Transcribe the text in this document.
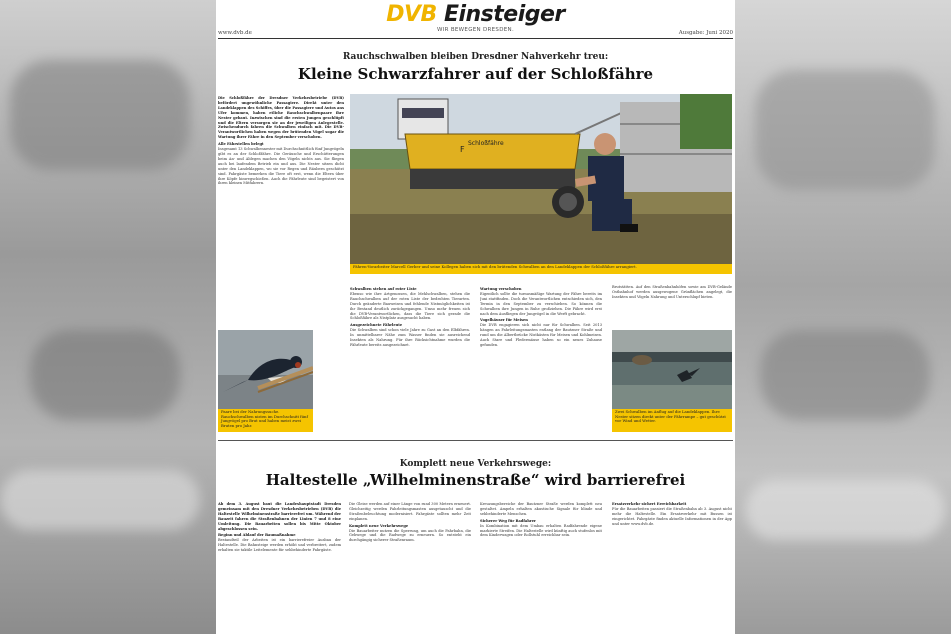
DVB Einsteiger
WIR BEWEGEN DRESDEN.
www.dvb.de	Ausgabe: Juni 2020
Rauchschwalben bleiben Dresdner Nahverkehr treu:
Kleine Schwarzfahrer auf der Schloßfähre
Die Schloßfähre der Dresdner Verkehrsbetriebe (DVB) befördert ungewöhnliche Passagiere. Direkt unter den Landeklappen des Schiffes, über die Passagiere und Autos ans Ufer kommen, haben etliche Rauchschwalbenpaare ihre Nester gebaut. Inzwischen sind die ersten Jungen geschlüpft und die Eltern versorgen sie an der jeweiligen Anlegestelle. Zwischendurch fahren die Schwalben einfach mit. Die DVB-Verantwortlichen haben wegen der brütenden Vögel sogar die Wartung ihrer Fähre in den September verschoben.
Alle Fährstellen belegt
Insgesamt 13 Schwalbennester mit Durchschnittlich fünf Jungvögeln gibt es an der Schloßfähre. Die Geräusche und Erschütterungen beim An- und Ablegen machen den Vögeln nichts aus. Sie fliegen auch bei laufendem Betrieb ein und aus. Die Nester sitzen dicht unter den Landeklappen, wo sie vor Regen und Räubern geschützt sind. Fahrgäste bemerken die Tiere oft erst, wenn die Eltern über ihre Köpfe hinwegschießen. Auch die Fährleute sind begeistert von ihren kleinen Mitfahrern.
F
Schloßfähre
Fähren-Vorarbeiter Marcell Gerber und seine Kollegen haben sich mit den brütenden Schwalben an den Landeklappen der Schloßfähre arrangiert.
Schwalben stehen auf roter Liste
Ebenso wie ihre Artgenossen, die Mehlschwalben, stehen die Rauchschwalben auf der roten Liste der bedrohten Tierarten. Durch geänderte Bauweisen und fehlende Nistmöglichkeiten ist ihr Bestand deutlich zurückgegangen. Umso mehr freuen sich die DVB-Verantwortlichen, dass die Tiere sich gerade die Schloßfähre als Nistplatz ausgesucht haben.
Ausgezeichnete Fährleute
Die Schwalben sind schon viele Jahre zu Gast an den Elbfähren. In unmittelbarer Nähe zum Wasser finden sie ausreichend Insekten als Nahrung. Für ihre Rücksichtnahme wurden die Fährleute bereits ausgezeichnet.
Wartung verschoben
Eigentlich sollte die turnusmäßige Wartung der Fähre bereits im Juni stattfinden. Doch die Verantwortlichen entschieden sich, den Termin in den September zu verschieben. So können die Schwalben ihre Jungen in Ruhe großziehen. Die Fähre wird erst nach dem Ausfliegen der Jungvögel in die Werft gebracht.
Vogelhäuser für Meisen
Die DVB engagieren sich nicht nur für Schwalben. Seit 2013 hängen an Fahrleitungsmasten entlang der Bautzner Straße und rund um die Albertbrücke Nistkästen für Meisen und Kohlmeisen. Auch Stare und Fledermäuse haben so ein neues Zuhause gefunden.
Brutstätten. Auf den Straßenbahnhöfen sowie am DVB-Gelände Ostbahnhof werden ausgewogene Grünflächen angelegt, die Insekten und Vögeln Nahrung und Unterschlupf bieten.
Paare bei der Nahrungssuche. Rauchschwalben nisten im Durchschnitt fünf Jungvögel pro Brut und haben meist zwei Bruten pro Jahr.
Zwei Schwalben im Anflug auf die Landeklappen. Ihre Nester sitzen direkt unter der Fährrampe – gut geschützt vor Wind und Wetter.
Komplett neue Verkehrswege:
Haltestelle „Wilhelminenstraße“ wird barrierefrei
Ab dem 3. August baut die Landeshauptstadt Dresden gemeinsam mit den Dresdner Verkehrsbetrieben (DVB) die Haltestelle Wilhelminenstraße barrierefrei um. Während der Bauzeit fahren die Straßenbahnen der Linien 7 und 8 eine Umleitung. Die Bauarbeiten sollen bis Mitte Oktober abgeschlossen sein.
Beginn und Ablauf der Baumaßnahme
Bestandteil der Arbeiten ist ein barrierefreier Ausbau der Haltestelle. Die Bahnsteige werden erhöht und verbreitert, zudem erhalten sie taktile Leitelemente für sehbehinderte Fahrgäste.
Die Gleise werden auf einer Länge von rund 300 Metern erneuert. Gleichzeitig werden Fahrleitungsmasten ausgetauscht und die Straßenbeleuchtung modernisiert. Fahrgäste sollten mehr Zeit einplanen.
Komplett neue Verkehrswege
Die Bauarbeiter nutzen die Sperrung, um auch die Fahrbahn, die Gehwege und die Radwege zu erneuern. So entsteht ein durchgängig sicherer Straßenraum.
Kreuzungsbereiche der Bautzner Straße werden komplett neu gestaltet. Ampeln erhalten akustische Signale für blinde und sehbehinderte Menschen.
Sicherer Weg für Radfahrer
In Kombination mit dem Umbau erhalten Radfahrende eigene markierte Streifen. Die Haltestelle wird künftig auch stufenlos mit dem Kinderwagen oder Rollstuhl erreichbar sein.
Ersatzverkehr sichert Erreichbarkeit
Für die Bauarbeiten passiert die Straßenbahn ab 3. August nicht mehr die Haltestelle. Ein Ersatzverkehr mit Bussen ist eingerichtet. Fahrgäste finden aktuelle Informationen in der App und unter www.dvb.de.
